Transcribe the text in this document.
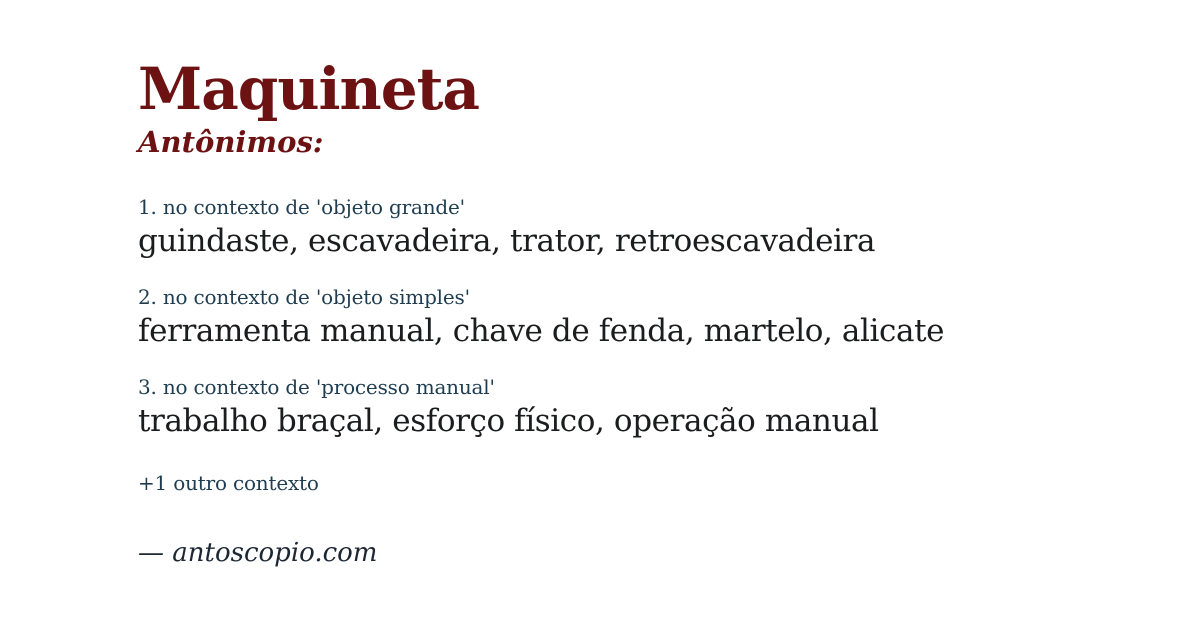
Maquineta
Antônimos:
1. no contexto de 'objeto grande'
guindaste, escavadeira, trator, retroescavadeira
2. no contexto de 'objeto simples'
ferramenta manual, chave de fenda, martelo, alicate
3. no contexto de 'processo manual'
trabalho braçal, esforço físico, operação manual
+1 outro contexto
— antoscopio.com
